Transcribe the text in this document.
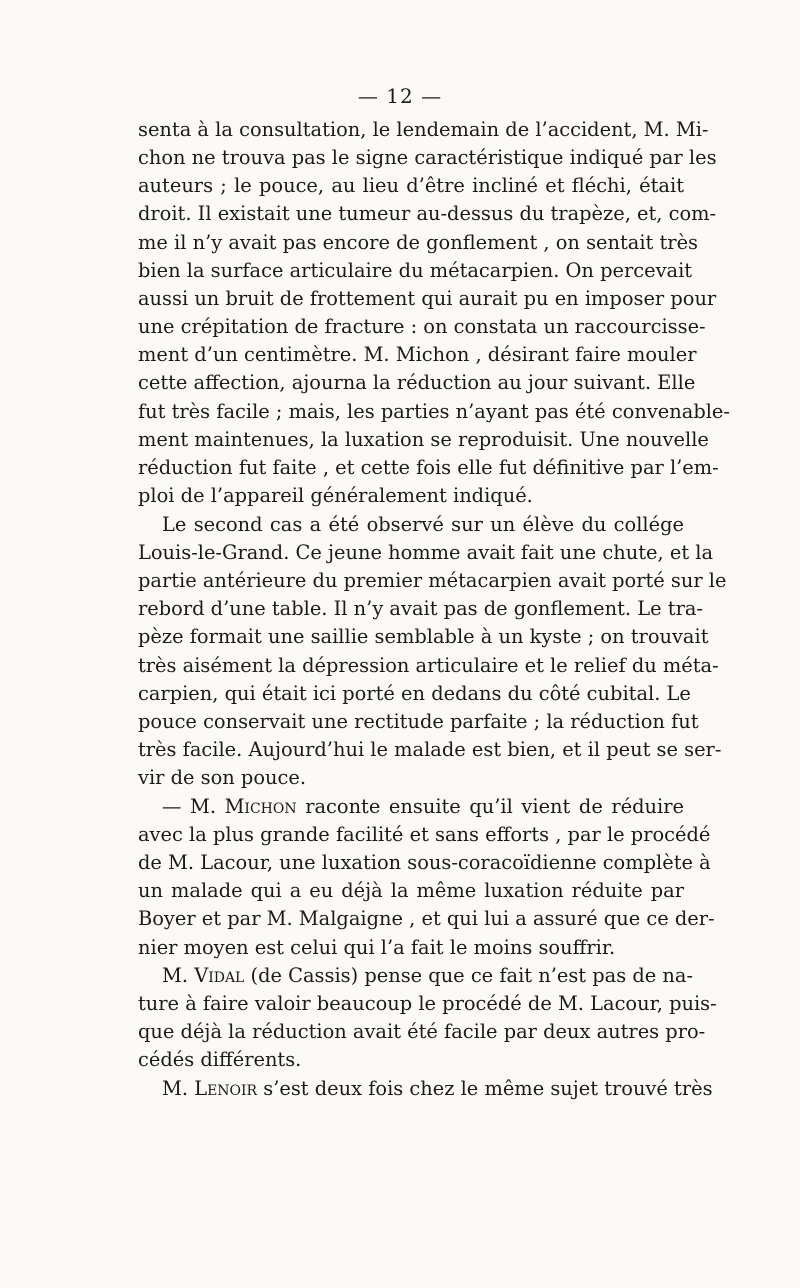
— 12 —
senta à la consultation, le lendemain de l’accident, M. Mi-
chon ne trouva pas le signe caractéristique indiqué par les
auteurs ; le pouce, au lieu d’être incliné et fléchi, était
droit. Il existait une tumeur au-dessus du trapèze, et, com-
me il n’y avait pas encore de gonflement , on sentait très
bien la surface articulaire du métacarpien. On percevait
aussi un bruit de frottement qui aurait pu en imposer pour
une crépitation de fracture : on constata un raccourcisse-
ment d’un centimètre. M. Michon , désirant faire mouler
cette affection, ajourna la réduction au jour suivant. Elle
fut très facile ; mais, les parties n’ayant pas été convenable-
ment maintenues, la luxation se reproduisit. Une nouvelle
réduction fut faite , et cette fois elle fut définitive par l’em-
ploi de l’appareil généralement indiqué.
Le second cas a été observé sur un élève du collége
Louis-le-Grand. Ce jeune homme avait fait une chute, et la
partie antérieure du premier métacarpien avait porté sur le
rebord d’une table. Il n’y avait pas de gonflement. Le tra-
pèze formait une saillie semblable à un kyste ; on trouvait
très aisément la dépression articulaire et le relief du méta-
carpien, qui était ici porté en dedans du côté cubital. Le
pouce conservait une rectitude parfaite ; la réduction fut
très facile. Aujourd’hui le malade est bien, et il peut se ser-
vir de son pouce.
— M. Michon raconte ensuite qu’il vient de réduire
avec la plus grande facilité et sans efforts , par le procédé
de M. Lacour, une luxation sous-coracoïdienne complète à
un malade qui a eu déjà la même luxation réduite par
Boyer et par M. Malgaigne , et qui lui a assuré que ce der-
nier moyen est celui qui l’a fait le moins souffrir.
M. Vidal (de Cassis) pense que ce fait n’est pas de na-
ture à faire valoir beaucoup le procédé de M. Lacour, puis-
que déjà la réduction avait été facile par deux autres pro-
cédés différents.
M. Lenoir s’est deux fois chez le même sujet trouvé très
